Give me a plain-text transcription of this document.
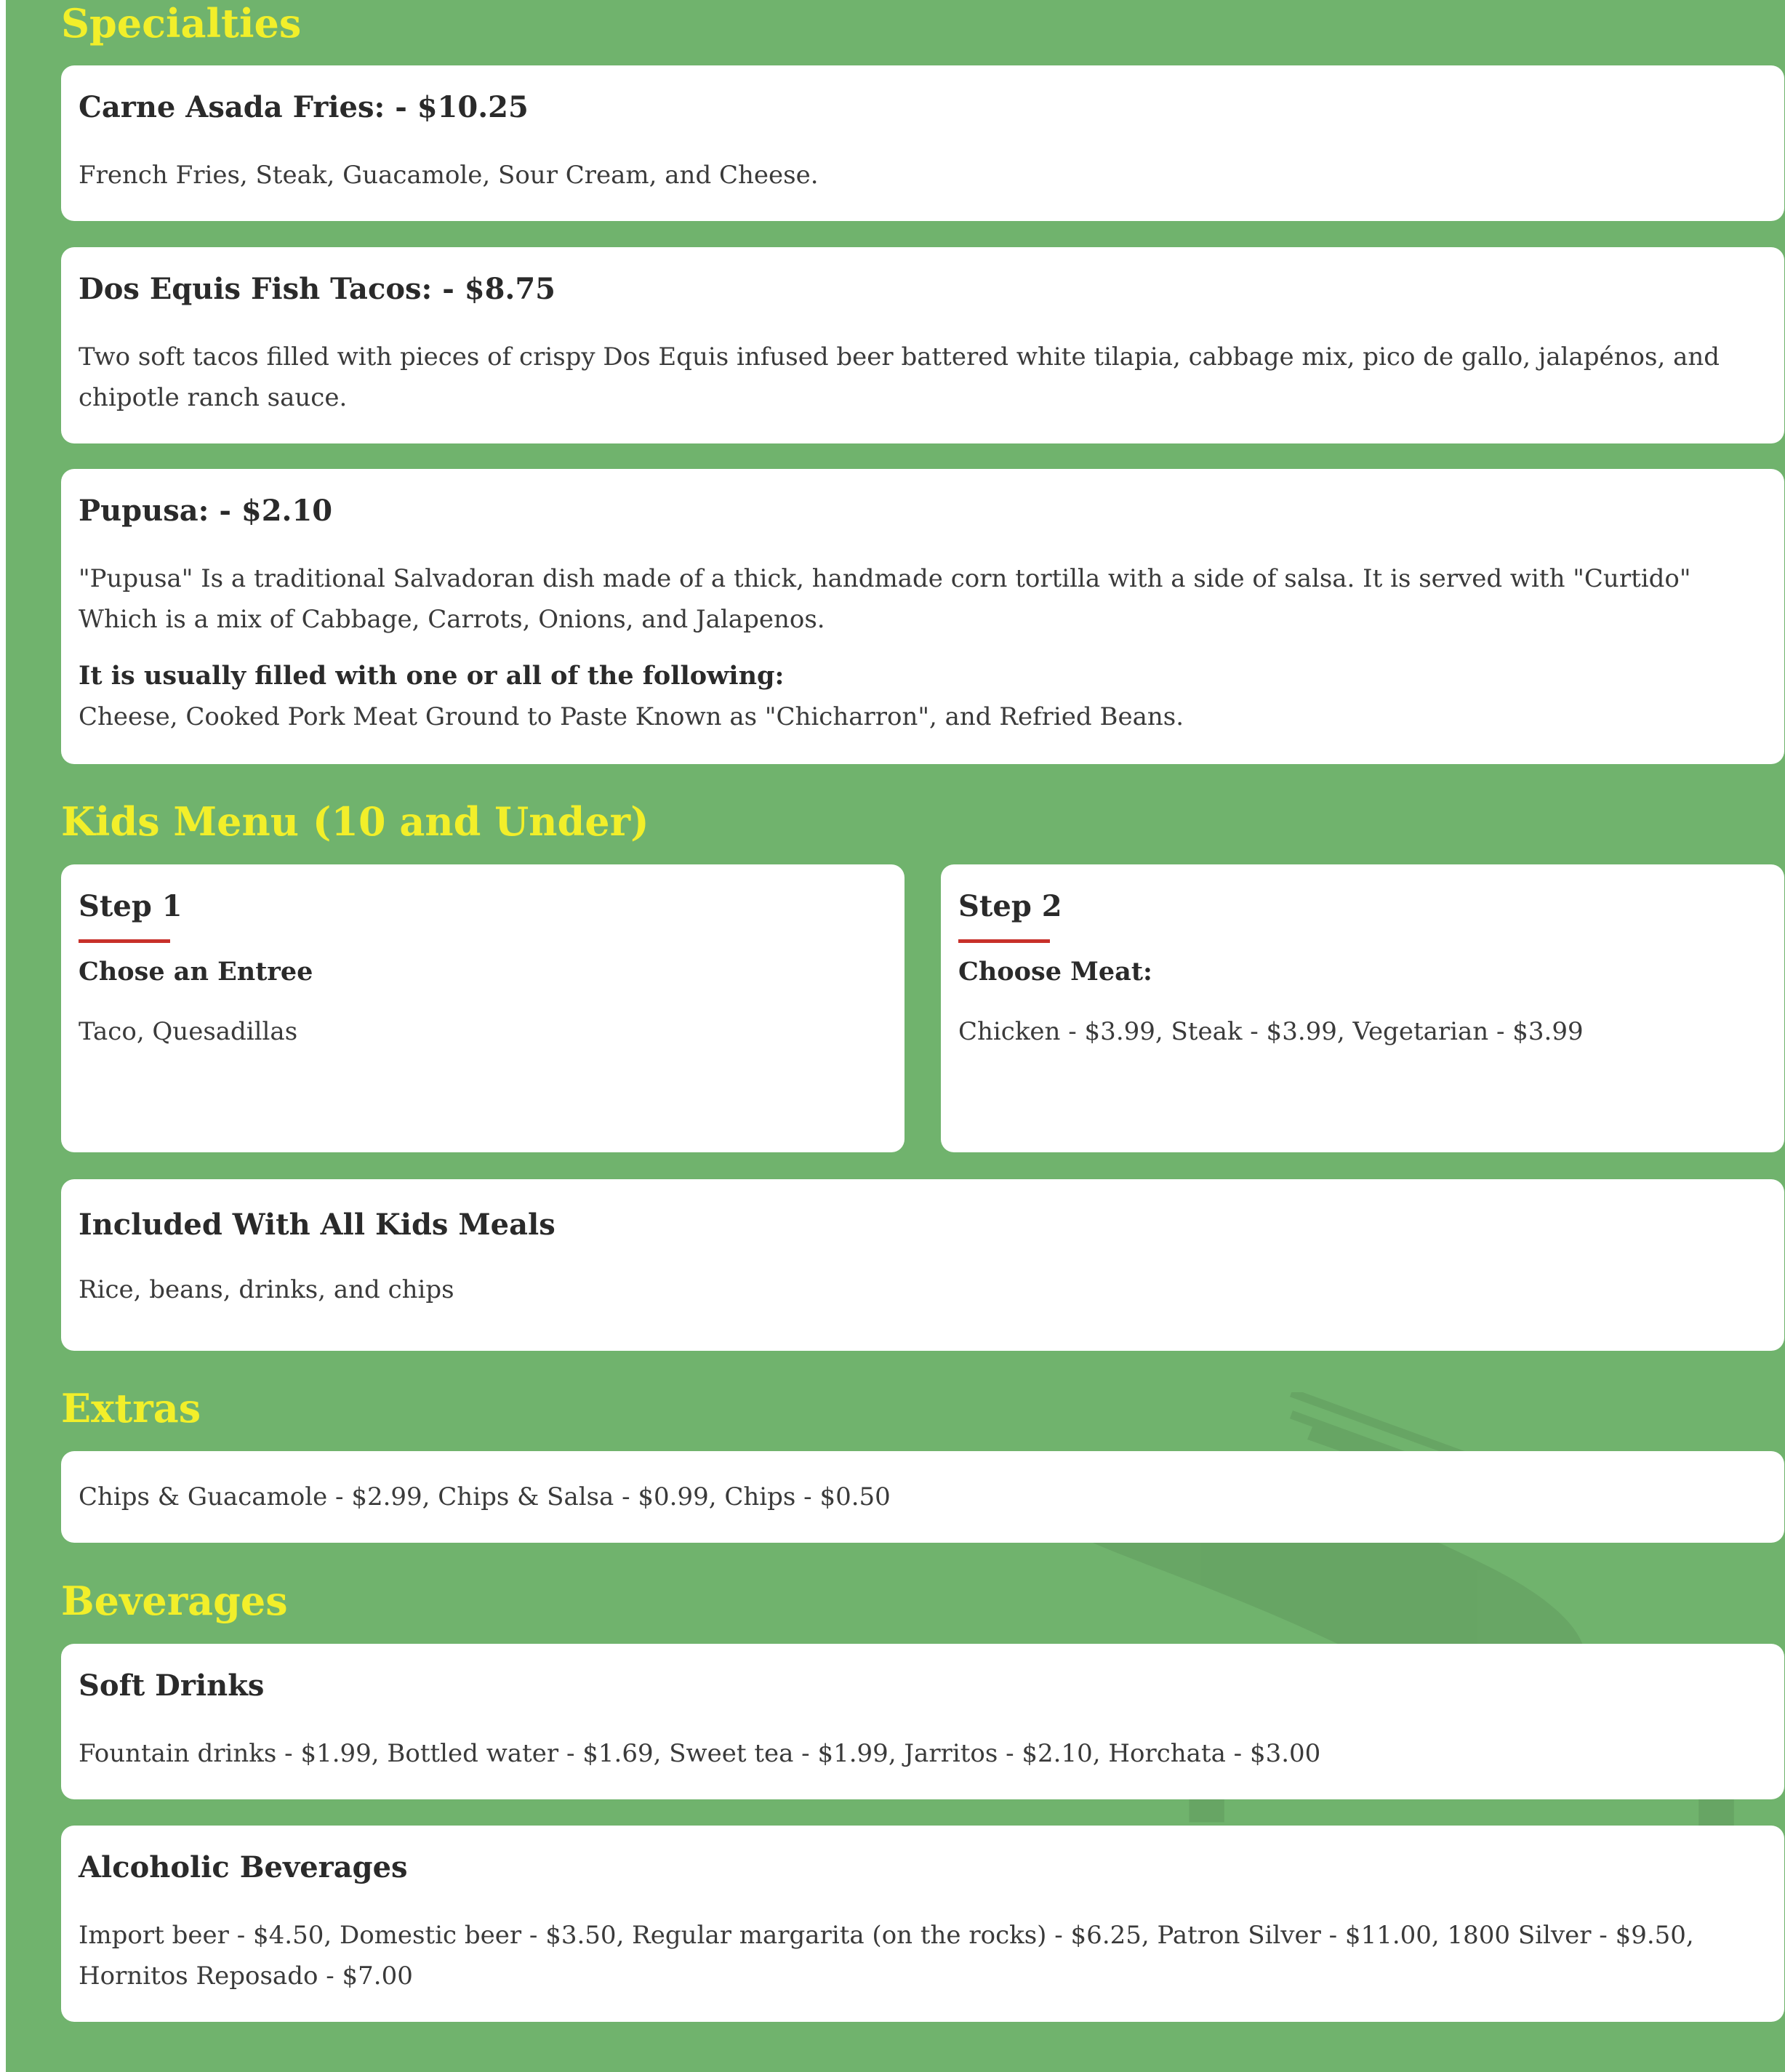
Specialties
Carne Asada Fries: - $10.25
French Fries, Steak, Guacamole, Sour Cream, and Cheese.
Dos Equis Fish Tacos: - $8.75
Two soft tacos filled with pieces of crispy Dos Equis infused beer battered white tilapia, cabbage mix, pico de gallo, jalapénos, and chipotle ranch sauce.
Pupusa: - $2.10
"Pupusa" Is a traditional Salvadoran dish made of a thick, handmade corn tortilla with a side of salsa. It is served with "Curtido" Which is a mix of Cabbage, Carrots, Onions, and Jalapenos.
It is usually filled with one or all of the following:
Cheese, Cooked Pork Meat Ground to Paste Known as "Chicharron", and Refried Beans.
Kids Menu (10 and Under)
Step 1
Chose an Entree
Taco, Quesadillas
Step 2
Choose Meat:
Chicken - $3.99, Steak - $3.99, Vegetarian - $3.99
Included With All Kids Meals
Rice, beans, drinks, and chips
Extras
Chips & Guacamole - $2.99, Chips & Salsa - $0.99, Chips - $0.50
Beverages
Soft Drinks
Fountain drinks - $1.99, Bottled water - $1.69, Sweet tea - $1.99, Jarritos - $2.10, Horchata - $3.00
Alcoholic Beverages
Import beer - $4.50, Domestic beer - $3.50, Regular margarita (on the rocks) - $6.25, Patron Silver - $11.00, 1800 Silver - $9.50, Hornitos Reposado - $7.00
